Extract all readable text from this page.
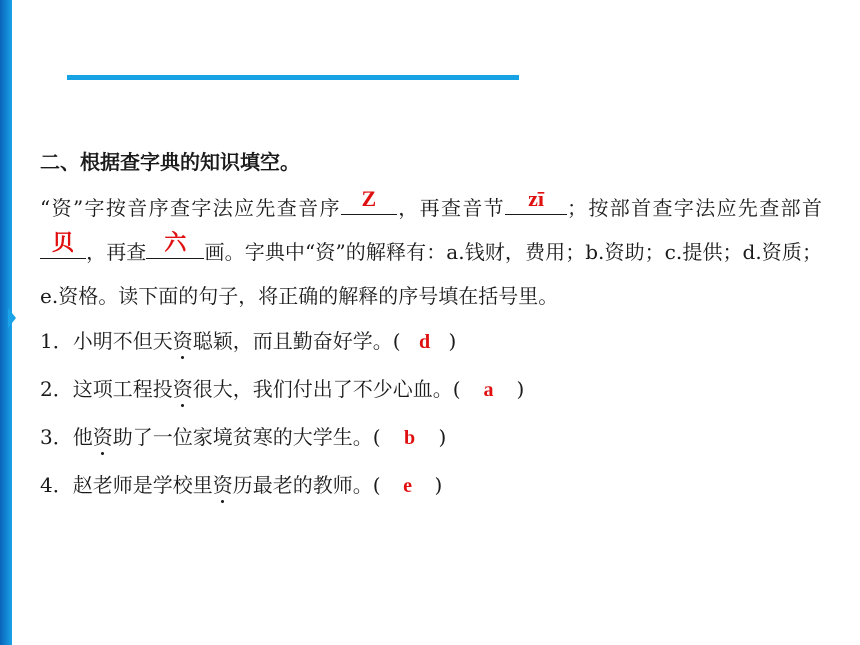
二、根据查字典的知识填空。
“资”字按音序查字法应先查音序 Z	，再查音节	zī	；按部首查字法应先查部首
贝 ，再查 六 画。字典中“资”的解释有：a.钱财，费用；b.资助；c.提供；d.资质；e.资格。读下面的句子，将正确的解释的序号填在括号里。
1．小明不但天资聪颖，而且勤奋好学。( d )
2．这项工程投资很大，我们付出了不少心血。( a )
3．他资助了一位家境贫寒的大学生。( b )
4．赵老师是学校里资历最老的教师。( e )
